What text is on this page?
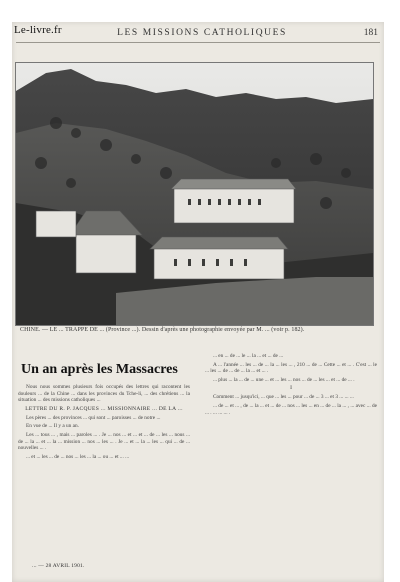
Le-livre.fr	LES MISSIONS CATHOLIQUES	181
CHINE. — LE ... TRAPPE DE ... (Province ...). Dessin d'après une photographie envoyée par M. ... (voir p. 182).
Un an après les Massacres

Nous nous sommes plusieurs fois occupés des lettres qui racontent les douleurs ... de la Chine ... dans les provinces du Tche-li, ... des chrétiens ... la situation ... des missions catholiques ...

LETTRE DU R. P. JACQUES ... MISSIONNAIRE ... DE LA ...

Les pères ... des provinces ... qui sont ... paroisses ... de notre ...

En vue de ... Il y a un an.

Les ... tous ... , mais ... paroles ... . Je ... nos ... et ... et ... de ... les ... nous ... de ... la ... et ... la ... mission ... nos ... les ... . Je ... et ... la ... les ... qui ... de ... nouvelles ... .

... et ... les ... de ... nos ... les ... la ... ou ... et ... ...

... — 28 AVRIL 1901.

... en ... de ... le ... la ... et ... de ...

A ... l'année ... les ... de ... la ... les ... , 210 ... de ... Cette ... et ... . C'est ... le ... les ... de ... de ... la ... et ... .

... plus ... la ... de ... une ... et ... les ... nos ... de ... les ... et ... de ... .

I

Comment ... jusqu'ici, ... que ... les ... pour ... de ... 3 ... et 3 ... ... ...

... de ... et ... , de ... la ... et ... de ... nos ... les ... en ... de ... la ... , ... avec ... de ... . ... ... ... .
